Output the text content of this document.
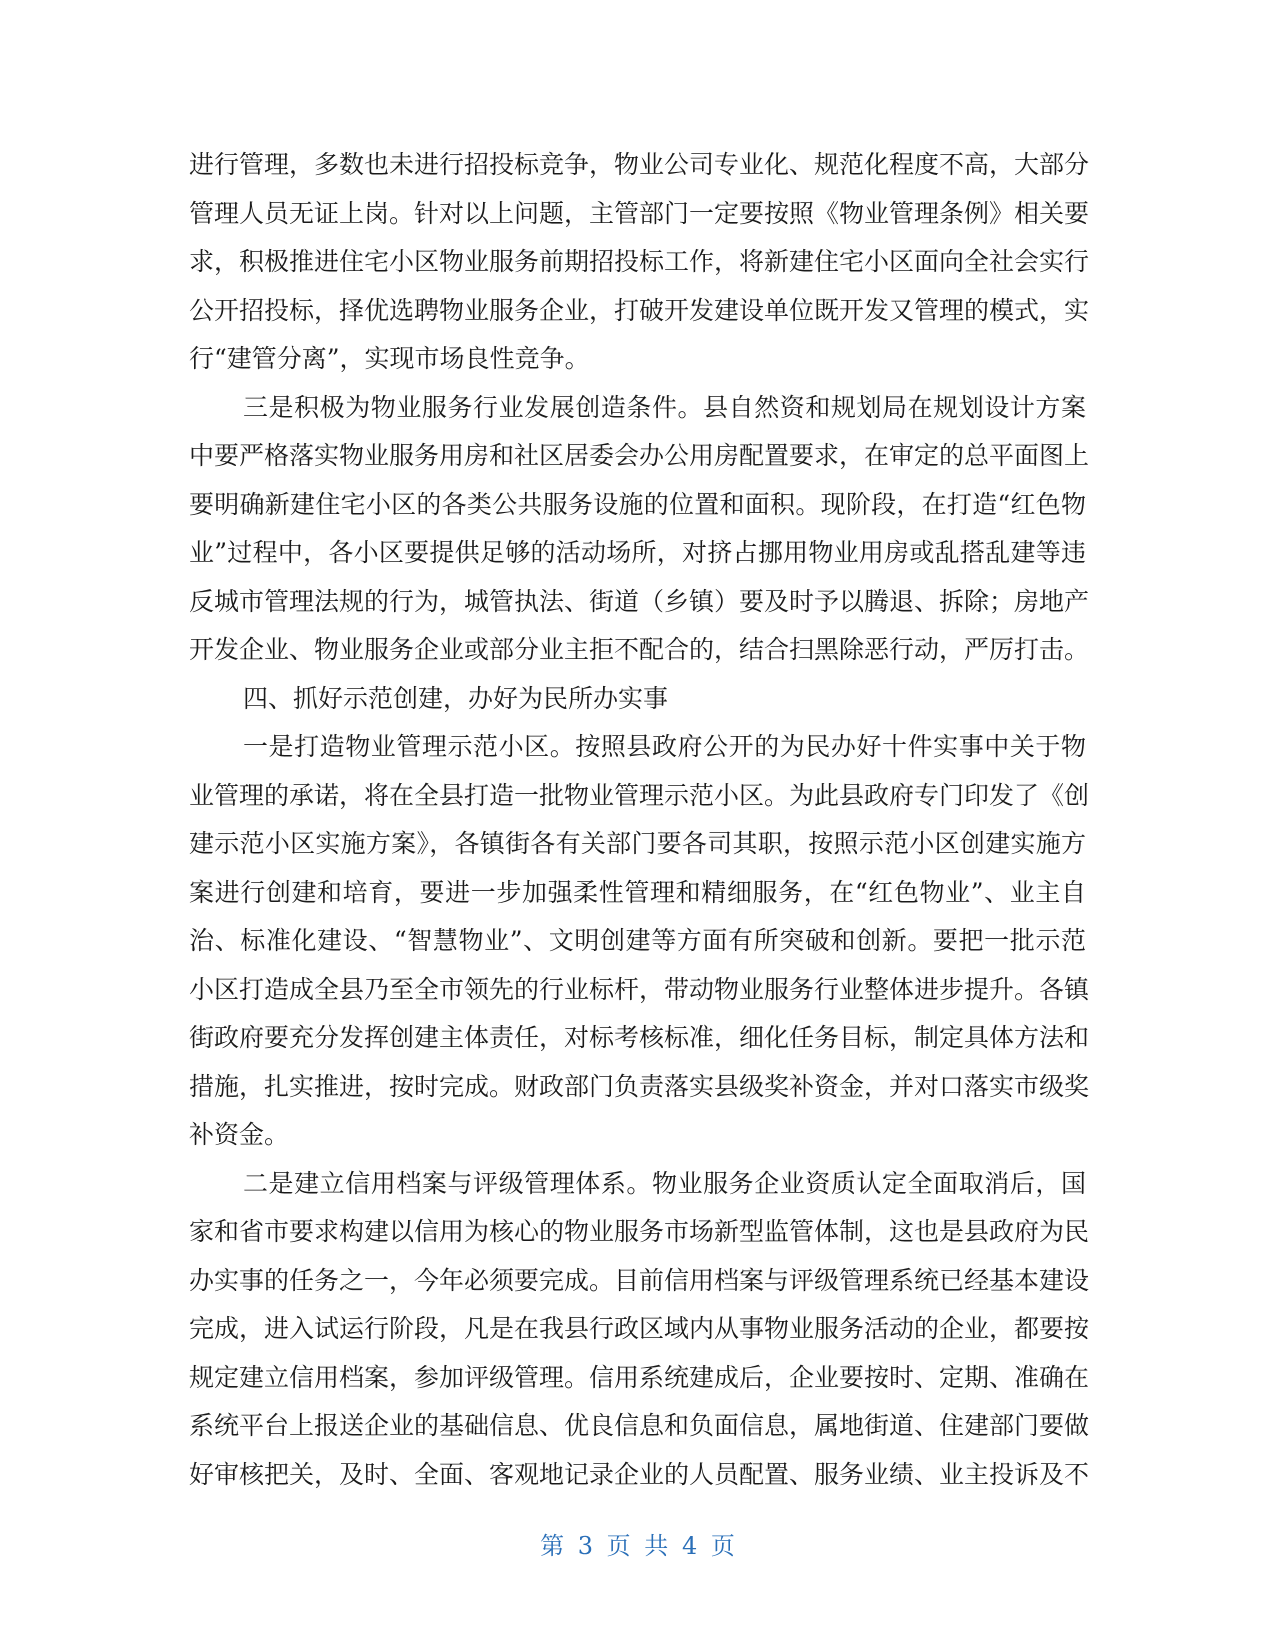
进行管理，多数也未进行招投标竞争，物业公司专业化、规范化程度不高，大部分
管理人员无证上岗。针对以上问题，主管部门一定要按照《物业管理条例》相关要
求，积极推进住宅小区物业服务前期招投标工作，将新建住宅小区面向全社会实行
公开招投标，择优选聘物业服务企业，打破开发建设单位既开发又管理的模式，实
行“建管分离”，实现市场良性竞争。
三是积极为物业服务行业发展创造条件。县自然资和规划局在规划设计方案
中要严格落实物业服务用房和社区居委会办公用房配置要求，在审定的总平面图上
要明确新建住宅小区的各类公共服务设施的位置和面积。现阶段，在打造“红色物
业”过程中，各小区要提供足够的活动场所，对挤占挪用物业用房或乱搭乱建等违
反城市管理法规的行为，城管执法、街道（乡镇）要及时予以腾退、拆除；房地产
开发企业、物业服务企业或部分业主拒不配合的，结合扫黑除恶行动，严厉打击。
四、抓好示范创建，办好为民所办实事
一是打造物业管理示范小区。按照县政府公开的为民办好十件实事中关于物
业管理的承诺，将在全县打造一批物业管理示范小区。为此县政府专门印发了《创
建示范小区实施方案》，各镇街各有关部门要各司其职，按照示范小区创建实施方
案进行创建和培育，要进一步加强柔性管理和精细服务，在“红色物业”、业主自
治、标准化建设、“智慧物业”、文明创建等方面有所突破和创新。要把一批示范
小区打造成全县乃至全市领先的行业标杆，带动物业服务行业整体进步提升。各镇
街政府要充分发挥创建主体责任，对标考核标准，细化任务目标，制定具体方法和
措施，扎实推进，按时完成。财政部门负责落实县级奖补资金，并对口落实市级奖
补资金。
二是建立信用档案与评级管理体系。物业服务企业资质认定全面取消后，国
家和省市要求构建以信用为核心的物业服务市场新型监管体制，这也是县政府为民
办实事的任务之一，今年必须要完成。目前信用档案与评级管理系统已经基本建设
完成，进入试运行阶段，凡是在我县行政区域内从事物业服务活动的企业，都要按
规定建立信用档案，参加评级管理。信用系统建成后，企业要按时、定期、准确在
系统平台上报送企业的基础信息、优良信息和负面信息，属地街道、住建部门要做
好审核把关，及时、全面、客观地记录企业的人员配置、服务业绩、业主投诉及不
第 3 页 共 4 页
